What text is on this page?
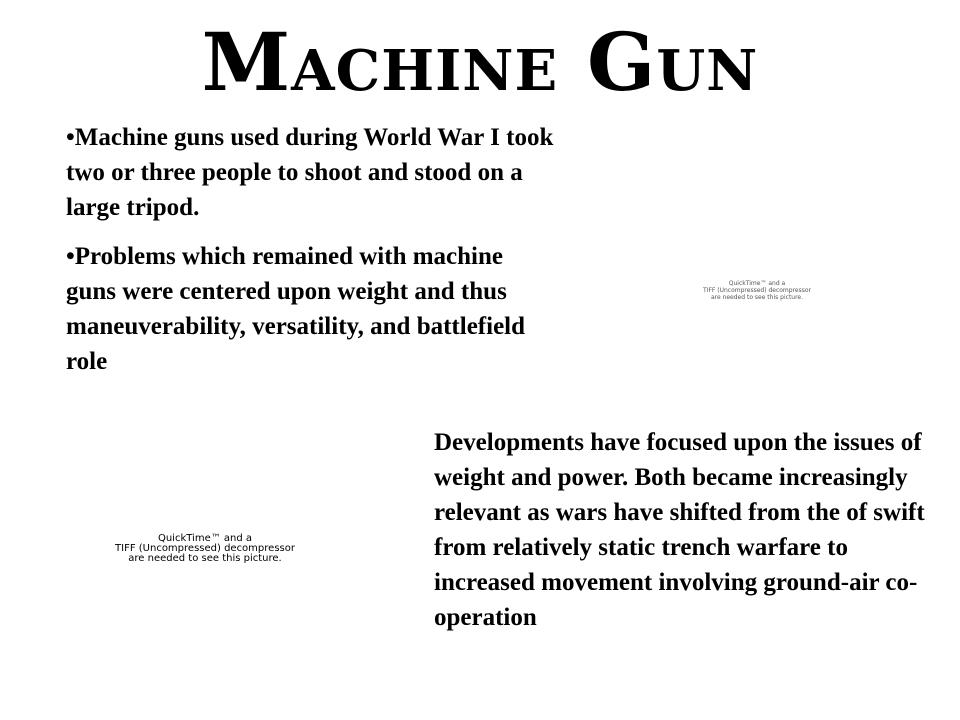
Machine Gun
•Machine guns used during World War I took two or three people to shoot and stood on a large tripod.
•Problems which remained with machine guns were centered upon weight and thus maneuverability, versatility, and battlefield role
QuickTime™ and a
TIFF (Uncompressed) decompressor
are needed to see this picture.
QuickTime™ and a
TIFF (Uncompressed) decompressor
are needed to see this picture.
Developments have focused upon the issues of weight and power. Both became increasingly relevant as wars have shifted from the of swift from relatively static trench warfare to increased movement involving ground-air co-operation
